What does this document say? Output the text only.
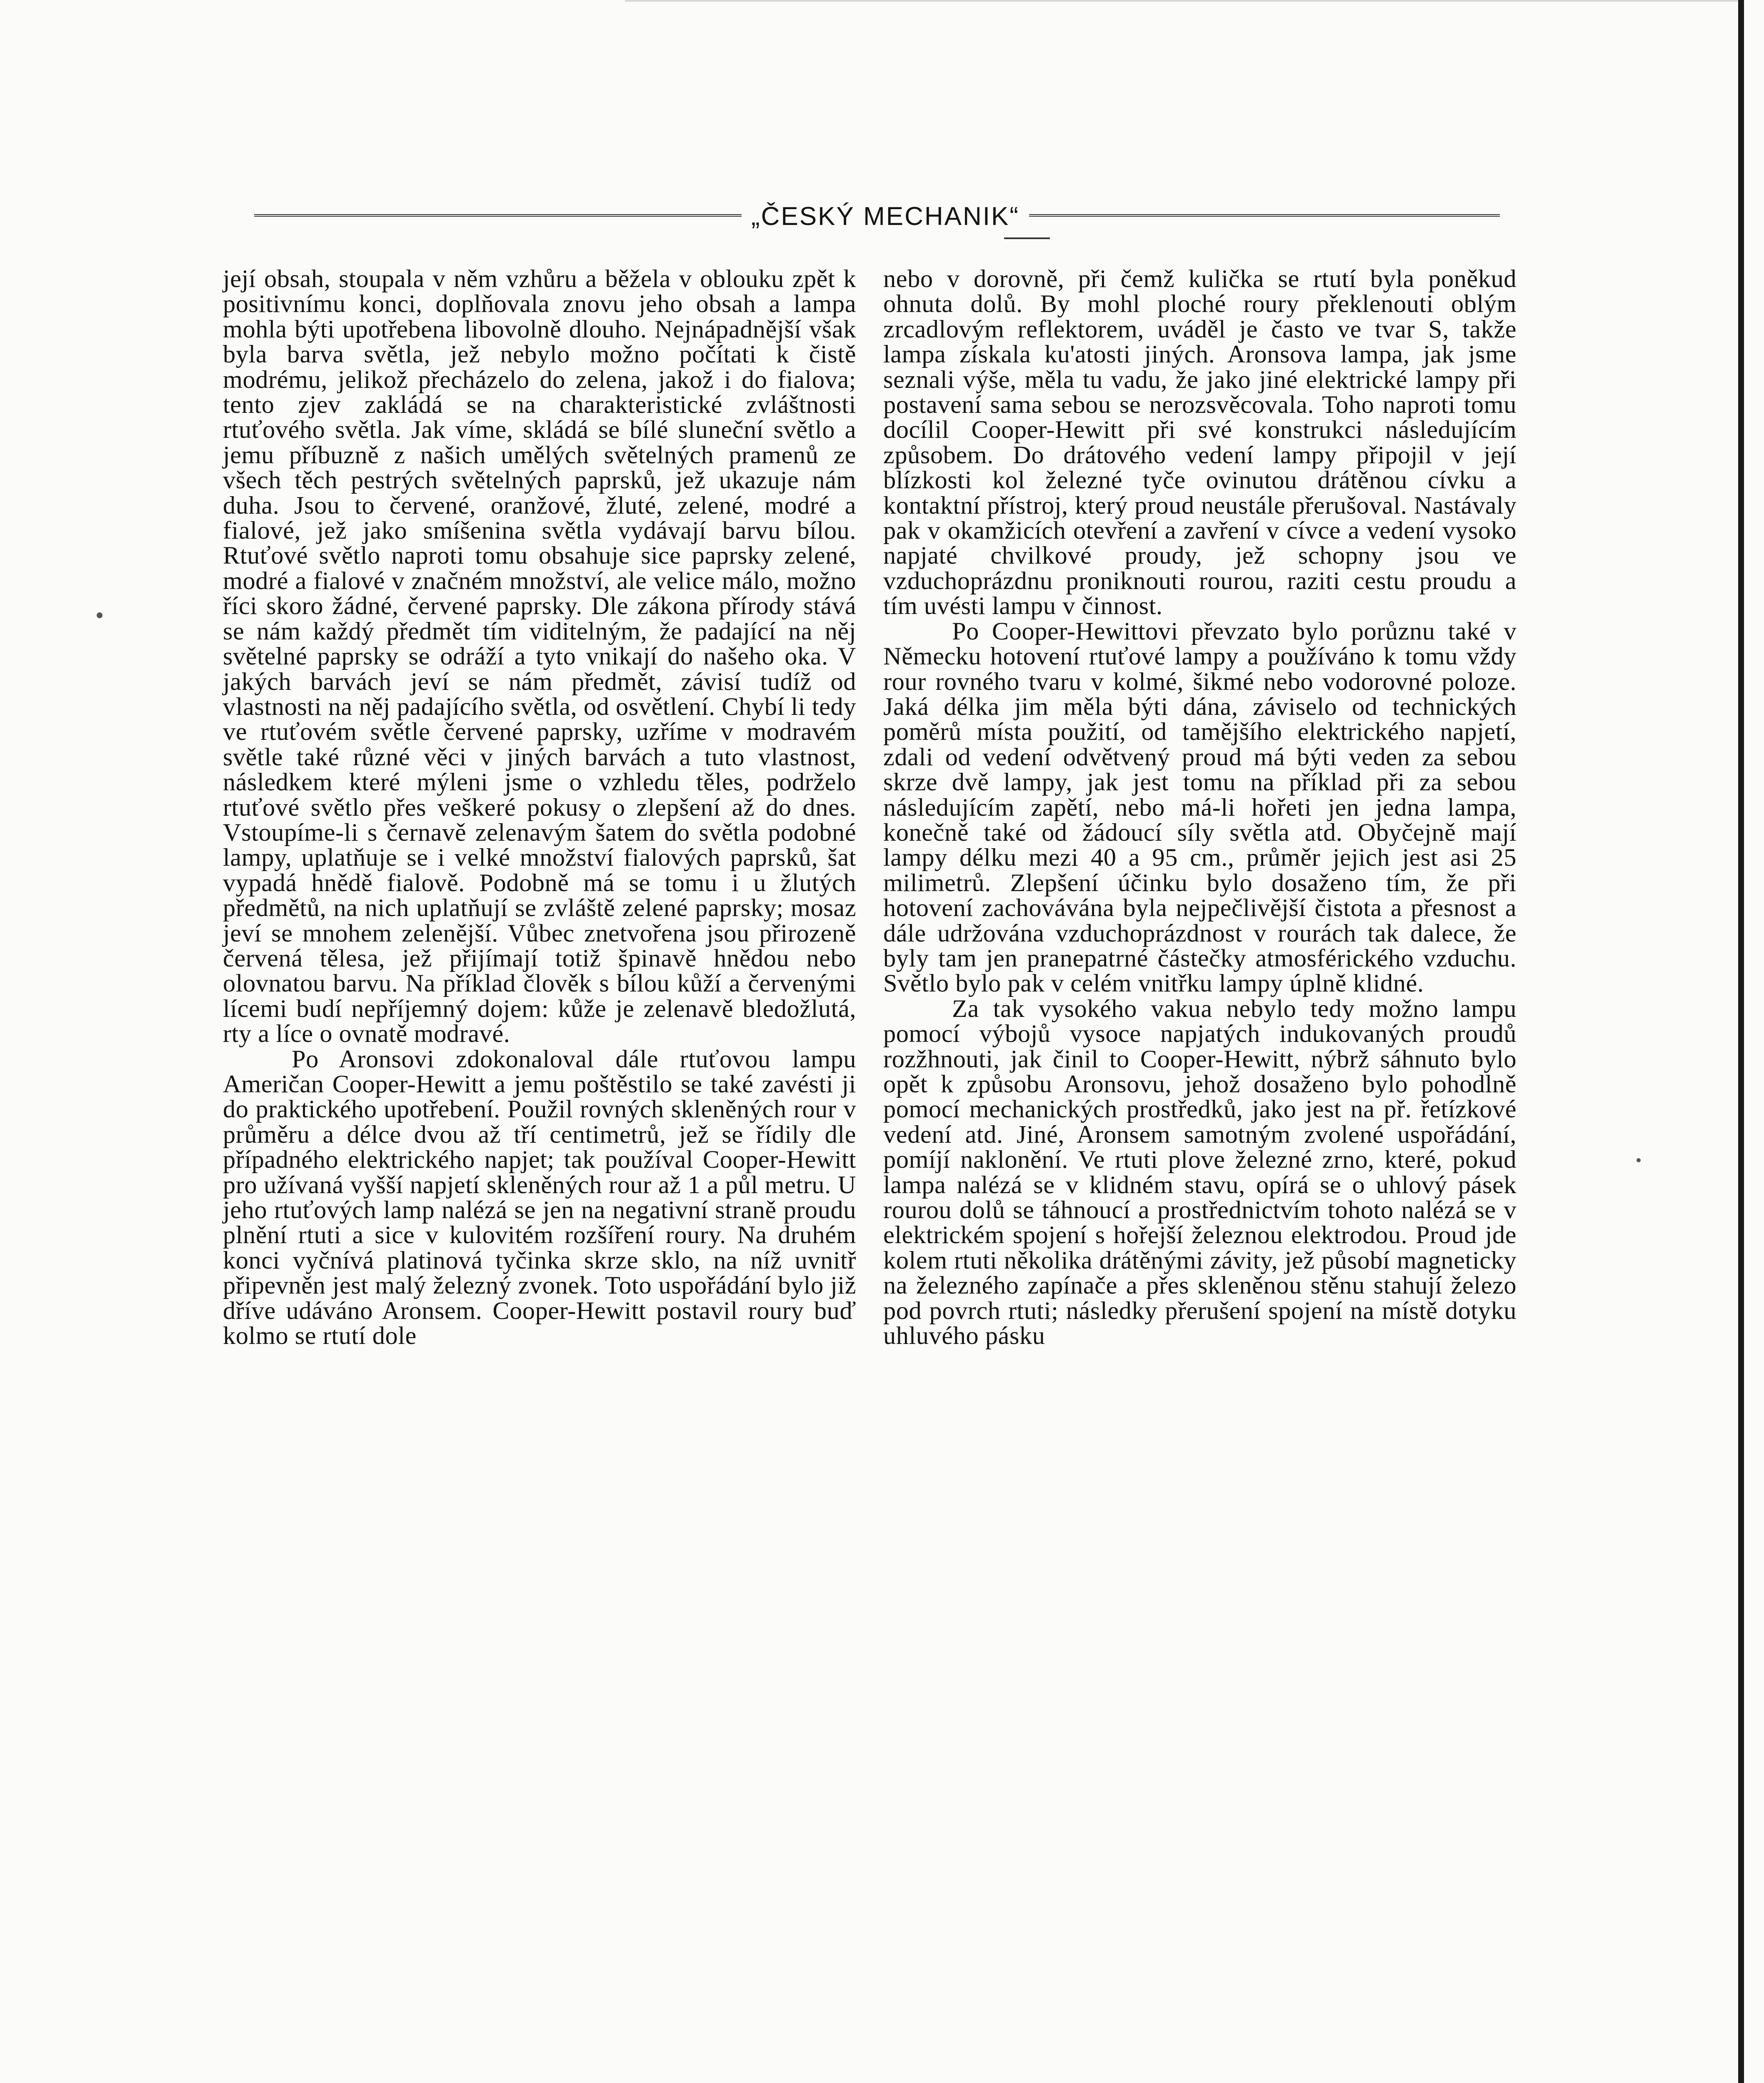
„ČESKÝ MECHANIK“

její obsah, stoupala v něm vzhůru a běžela v oblouku zpět k positivnímu konci, doplňovala znovu jeho obsah a lampa mohla býti upotřebena libovolně dlouho. Nejnápadnější však byla barva světla, jež nebylo možno počítati k čistě modrému, jelikož přecházelo do zelena, jakož i do fialova; tento zjev zakládá se na charakteristické zvláštnosti rtuťového světla. Jak víme, skládá se bílé sluneční světlo a jemu příbuzně z našich umělých světelných pramenů ze všech těch pestrých světelných paprsků, jež ukazuje nám duha. Jsou to červené, oranžové, žluté, zelené, modré a fialové, jež jako smíšenina světla vydávají barvu bílou. Rtuťové světlo naproti tomu obsahuje sice paprsky zelené, modré a fialové v značném množství, ale velice málo, možno říci skoro žádné, červené paprsky. Dle zákona přírody stává se nám každý předmět tím viditelným, že padající na něj světelné paprsky se odráží a tyto vnikají do našeho oka. V jakých barvách jeví se nám předmět, závisí tudíž od vlastnosti na něj padajícího světla, od osvětlení. Chybí li tedy ve rtuťovém světle červené paprsky, uzříme v modravém světle také různé věci v jiných barvách a tuto vlastnost, následkem které mýleni jsme o vzhledu těles, podrželo rtuťové světlo přes veškeré pokusy o zlepšení až do dnes. Vstoupíme-li s černavě zelenavým šatem do světla podobné lampy, uplatňuje se i velké množství fialových paprsků, šat vypadá hnědě fialově. Podobně má se tomu i u žlutých předmětů, na nich uplatňují se zvláště zelené paprsky; mosaz jeví se mnohem zelenější. Vůbec znetvořena jsou přirozeně červená tělesa, jež přijímají totiž špinavě hnědou nebo olovnatou barvu. Na příklad člověk s bílou kůží a červenými lícemi budí nepříjemný dojem: kůže je zelenavě bledožlutá, rty a líce o ovnatě modravé.

Po Aronsovi zdokonaloval dále rtuťovou lampu Američan Cooper-Hewitt a jemu poštěstilo se také zavésti ji do praktického upotřebení. Použil rovných skleněných rour v průměru a délce dvou až tří centimetrů, jež se řídily dle případného elektrického napjet; tak používal Cooper-Hewitt pro užívaná vyšší napjetí skleněných rour až 1 a půl metru. U jeho rtuťových lamp nalézá se jen na negativní straně proudu plnění rtuti a sice v kulovitém rozšíření roury. Na druhém konci vyčnívá platinová tyčinka skrze sklo, na níž uvnitř připevněn jest malý železný zvonek. Toto uspořádání bylo již dříve udáváno Aronsem. Cooper-Hewitt postavil roury buď kolmo se rtutí dole

nebo v dorovně, při čemž kulička se rtutí byla poněkud ohnuta dolů. By mohl ploché roury překlenouti oblým zrcadlovým reflektorem, uváděl je často ve tvar S, takže lampa získala ku'atosti jiných. Aronsova lampa, jak jsme seznali výše, měla tu vadu, že jako jiné elektrické lampy při postavení sama sebou se nerozsvěcovala. Toho naproti tomu docílil Cooper-Hewitt při své konstrukci následujícím způsobem. Do drátového vedení lampy připojil v její blízkosti kol železné tyče ovinutou drátěnou cívku a kontaktní přístroj, který proud neustále přerušoval. Nastávaly pak v okamžicích otevření a zavření v cívce a vedení vysoko napjaté chvilkové proudy, jež schopny jsou ve vzduchoprázdnu proniknouti rourou, raziti cestu proudu a tím uvésti lampu v činnost.

Po Cooper-Hewittovi převzato bylo porůznu také v Německu hotovení rtuťové lampy a používáno k tomu vždy rour rovného tvaru v kolmé, šikmé nebo vodorovné poloze. Jaká délka jim měla býti dána, záviselo od technických poměrů místa použití, od tamějšího elektrického napjetí, zdali od vedení odvětvený proud má býti veden za sebou skrze dvě lampy, jak jest tomu na příklad při za sebou následujícím zapětí, nebo má-li hořeti jen jedna lampa, konečně také od žádoucí síly světla atd. Obyčejně mají lampy délku mezi 40 a 95 cm., průměr jejich jest asi 25 milimetrů. Zlepšení účinku bylo dosaženo tím, že při hotovení zachovávána byla nejpečlivější čistota a přesnost a dále udržována vzduchoprázdnost v rourách tak dalece, že byly tam jen pranepatrné částečky atmosférického vzduchu. Světlo bylo pak v celém vnitřku lampy úplně klidné.

Za tak vysokého vakua nebylo tedy možno lampu pomocí výbojů vysoce napjatých indukovaných proudů rozžhnouti, jak činil to Cooper-Hewitt, nýbrž sáhnuto bylo opět k způsobu Aronsovu, jehož dosaženo bylo pohodlně pomocí mechanických prostředků, jako jest na př. řetízkové vedení atd. Jiné, Aronsem samotným zvolené uspořádání, pomíjí naklonění. Ve rtuti plove železné zrno, které, pokud lampa nalézá se v klidném stavu, opírá se o uhlový pásek rourou dolů se táhnoucí a prostřednictvím tohoto nalézá se v elektrickém spojení s hořejší železnou elektrodou. Proud jde kolem rtuti několika drátěnými závity, jež působí magneticky na železného zapínače a přes skleněnou stěnu stahují železo pod povrch rtuti; následky přerušení spojení na místě dotyku uhluvého pásku
